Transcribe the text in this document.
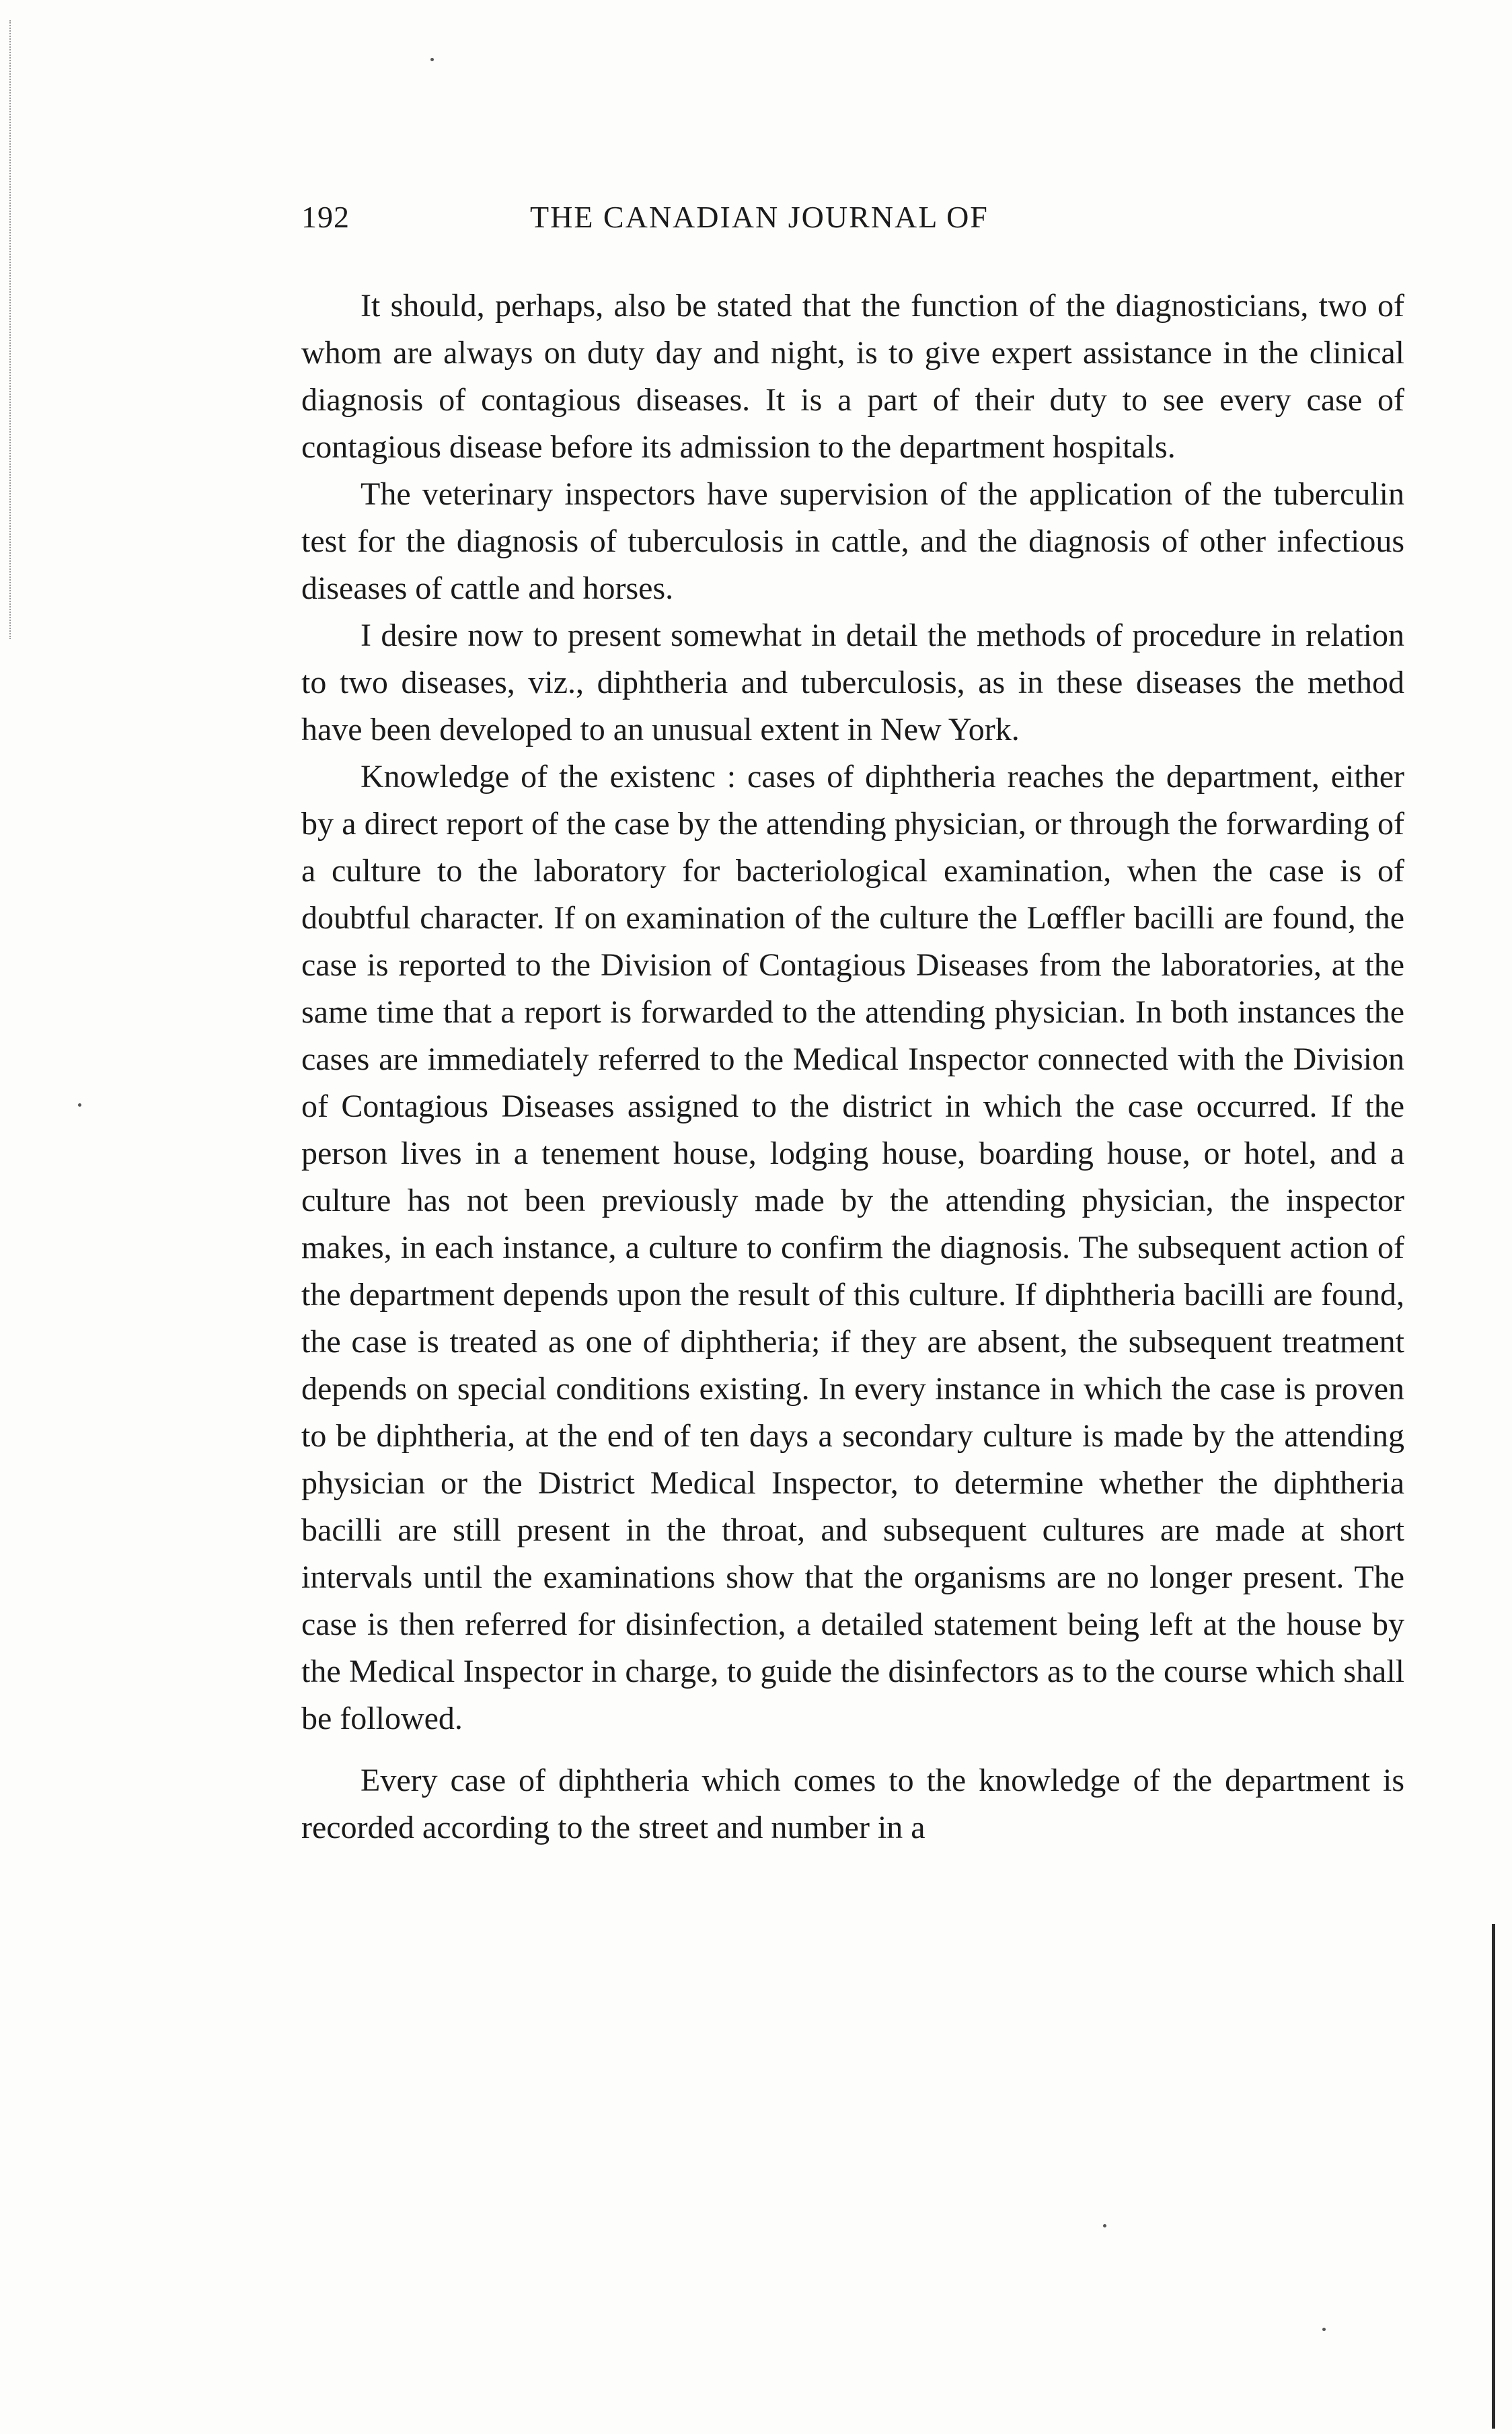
192	THE CANADIAN JOURNAL OF

It should, perhaps, also be stated that the function of the diagnosticians, two of whom are always on duty day and night, is to give expert assistance in the clinical diagnosis of contagious diseases. It is a part of their duty to see every case of contagious disease before its admission to the department hospitals.

The veterinary inspectors have supervision of the application of the tuberculin test for the diagnosis of tuberculosis in cattle, and the diagnosis of other infectious diseases of cattle and horses.

I desire now to present somewhat in detail the methods of procedure in relation to two diseases, viz., diphtheria and tuberculosis, as in these diseases the method have been developed to an unusual extent in New York.

Knowledge of the existenc : cases of diphtheria reaches the department, either by a direct report of the case by the attending physician, or through the forwarding of a culture to the laboratory for bacteriological examination, when the case is of doubtful character. If on examination of the culture the Lœffler bacilli are found, the case is reported to the Division of Contagious Diseases from the laboratories, at the same time that a report is forwarded to the attending physician. In both instances the cases are immediately referred to the Medical Inspector connected with the Division of Contagious Diseases assigned to the district in which the case occurred. If the person lives in a tenement house, lodging house, boarding house, or hotel, and a culture has not been previously made by the attending physician, the inspector makes, in each instance, a culture to confirm the diagnosis. The subsequent action of the department depends upon the result of this culture. If diphtheria bacilli are found, the case is treated as one of diphtheria; if they are absent, the subsequent treatment depends on special conditions existing. In every instance in which the case is proven to be diphtheria, at the end of ten days a secondary culture is made by the attending physician or the District Medical Inspector, to determine whether the diphtheria bacilli are still present in the throat, and subsequent cultures are made at short intervals until the examinations show that the organisms are no longer present. The case is then referred for disinfection, a detailed statement being left at the house by the Medical Inspector in charge, to guide the disinfectors as to the course which shall be followed.

Every case of diphtheria which comes to the knowledge of the department is recorded according to the street and number in a
